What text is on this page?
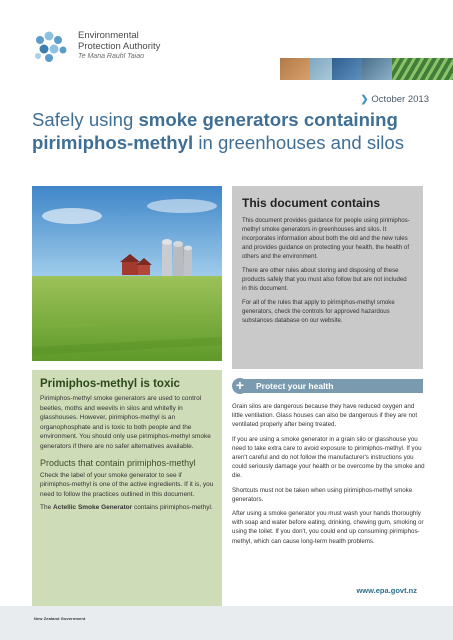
Environmental
Protection Authority
Te Mana Rauhī Taiao
❯ October 2013
Safely using smoke generators containing
pirimiphos-methyl in greenhouses and silos
This document contains

This document provides guidance for people using pirimiphos-methyl smoke generators in greenhouses and silos. It incorporates information about both the old and the new rules and provides guidance on protecting your health, the health of others and the environment.

There are other rules about storing and disposing of these products safely that you must also follow but are not included in this document.

For all of the rules that apply to pirimiphos-methyl smoke generators, check the controls for approved hazardous substances database on our website.

Primiphos-methyl is toxic

Pirimiphos-methyl smoke generators are used to control beetles, moths and weevils in silos and whitefly in glasshouses. However, pirimiphos-methyl is an organophosphate and is toxic to both people and the environment. You should only use pirimiphos-methyl smoke generators if there are no safer alternatives available.

Products that contain primiphos-methyl

Check the label of your smoke generator to see if pirimiphos-methyl is one of the active ingredients. If it is, you need to follow the practices outlined in this document.

The Actellic Smoke Generator contains pirimiphos-methyl.

Protect your health
+

Grain silos are dangerous because they have reduced oxygen and little ventilation. Glass houses can also be dangerous if they are not ventilated properly after being treated.

If you are using a smoke generator in a grain silo or glasshouse you need to take extra care to avoid exposure to pirimiphos-methyl. If you aren't careful and do not follow the manufacturer's instructions you could seriously damage your health or be overcome by the smoke and die.

Shortcuts must not be taken when using pirimiphos-methyl smoke generators.

After using a smoke generator you must wash your hands thoroughly with soap and water before eating, drinking, chewing gum, smoking or using the toilet. If you don't, you could end up consuming pirimiphos-methyl, which can cause long-term health problems.

www.epa.govt.nz
New Zealand Government
